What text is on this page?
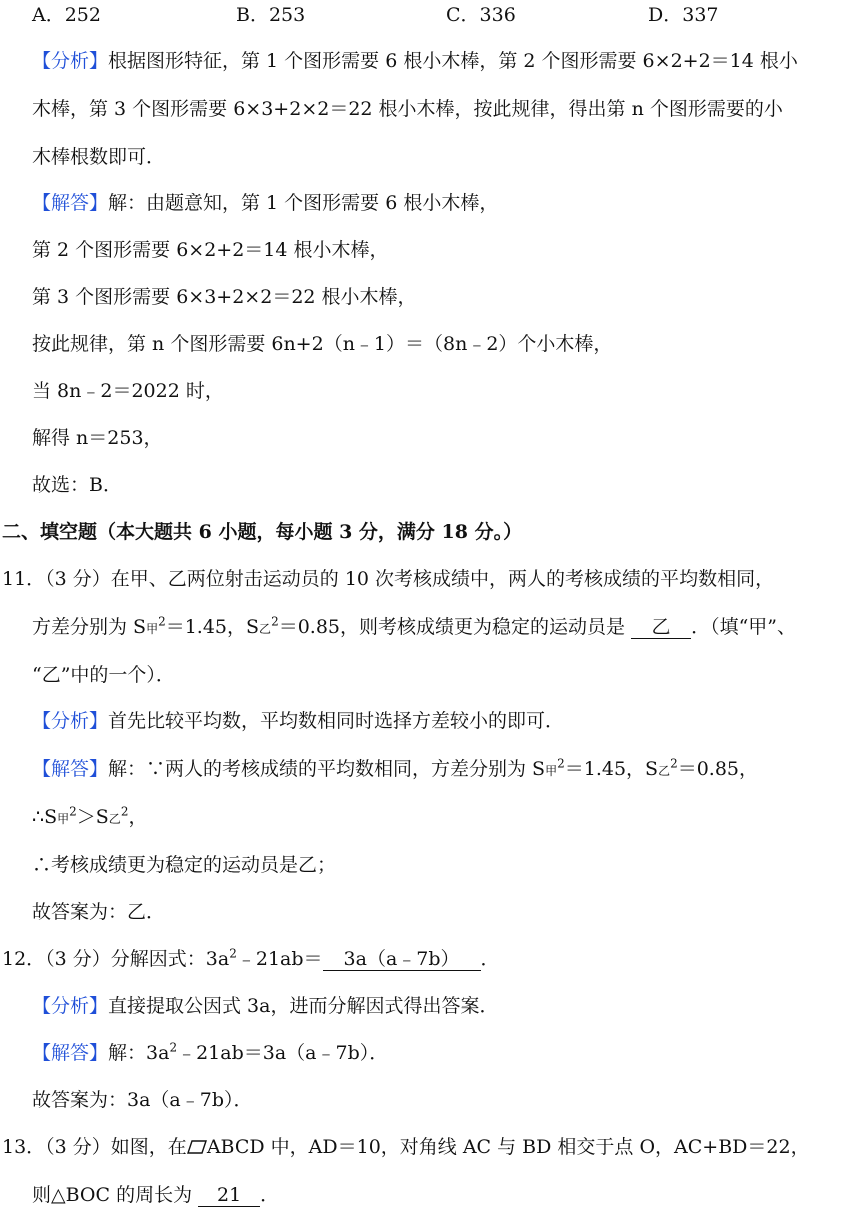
A．252	B．253	C．336	D．337
【分析】根据图形特征，第 1 个图形需要 6 根小木棒，第 2 个图形需要 6×2+2＝14 根小
木棒，第 3 个图形需要 6×3+2×2＝22 根小木棒，按此规律，得出第 n 个图形需要的小
木棒根数即可．
【解答】解：由题意知，第 1 个图形需要 6 根小木棒，
第 2 个图形需要 6×2+2＝14 根小木棒，
第 3 个图形需要 6×3+2×2＝22 根小木棒，
按此规律，第 n 个图形需要 6n+2（n﹣1）＝（8n﹣2）个小木棒，
当 8n﹣2＝2022 时，
解得 n＝253，
故选：B．
二、填空题（本大题共 6 小题，每小题 3 分，满分 18 分。）
11．（3 分）在甲、乙两位射击运动员的 10 次考核成绩中，两人的考核成绩的平均数相同，
方差分别为 S甲$^2$＝1.45，S乙$^2$＝0.85，则考核成绩更为稳定的运动员是 乙 ．（填“甲”、
“乙”中的一个）．
【分析】首先比较平均数，平均数相同时选择方差较小的即可．
【解答】解：∵两人的考核成绩的平均数相同，方差分别为 S甲$^2$＝1.45，S乙$^2$＝0.85，
∴S甲$^2$＞S乙$^2$，
∴考核成绩更为稳定的运动员是乙；
故答案为：乙．
12．（3 分）分解因式：$3a^2﹣21ab=$ 3a（a﹣7b） ．
【分析】直接提取公因式 3a，进而分解因式得出答案．
【解答】解：$3a^2﹣21ab=3a(a﹣7b)$．
故答案为：3a（a﹣7b）．
13．（3 分）如图，在 ABCD 中，AD＝10，对角线 AC 与 BD 相交于点 O，AC+BD＝22，
则△BOC 的周长为 21 ．
